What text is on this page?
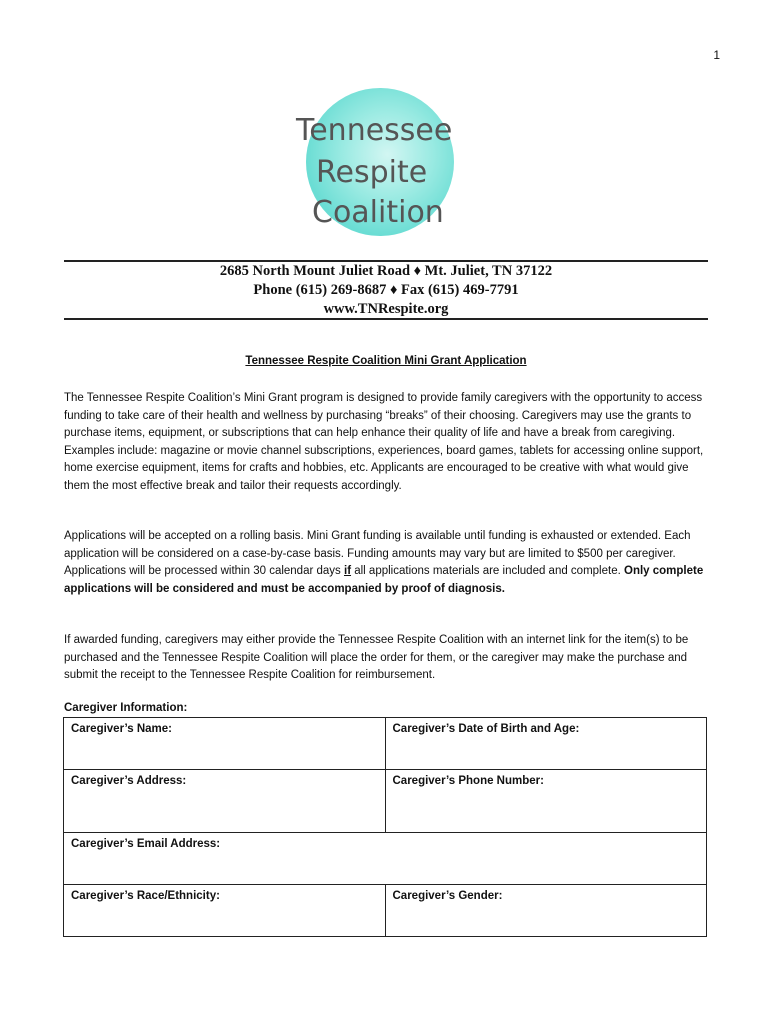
1
Tennessee
Respite
Coalition
2685 North Mount Juliet Road ♦ Mt. Juliet, TN 37122
Phone (615) 269-8687 ♦ Fax (615) 469-7791
www.TNRespite.org
Tennessee Respite Coalition Mini Grant Application

The Tennessee Respite Coalition’s Mini Grant program is designed to provide family caregivers with the opportunity to access funding to take care of their health and wellness by purchasing “breaks” of their choosing. Caregivers may use the grants to purchase items, equipment, or subscriptions that can help enhance their quality of life and have a break from caregiving. Examples include: magazine or movie channel subscriptions, experiences, board games, tablets for accessing online support, home exercise equipment, items for crafts and hobbies, etc. Applicants are encouraged to be creative with what would give them the most effective break and tailor their requests accordingly.

Applications will be accepted on a rolling basis. Mini Grant funding is available until funding is exhausted or extended. Each application will be considered on a case-by-case basis. Funding amounts may vary but are limited to $500 per caregiver. Applications will be processed within 30 calendar days if all applications materials are included and complete. Only complete applications will be considered and must be accompanied by proof of diagnosis.

If awarded funding, caregivers may either provide the Tennessee Respite Coalition with an internet link for the item(s) to be purchased and the Tennessee Respite Coalition will place the order for them, or the caregiver may make the purchase and submit the receipt to the Tennessee Respite Coalition for reimbursement.

Caregiver Information:
Caregiver’s Name:	Caregiver’s Date of Birth and Age:
Caregiver’s Address:	Caregiver’s Phone Number:
Caregiver’s Email Address:	
Caregiver’s Race/Ethnicity:	Caregiver’s Gender:
